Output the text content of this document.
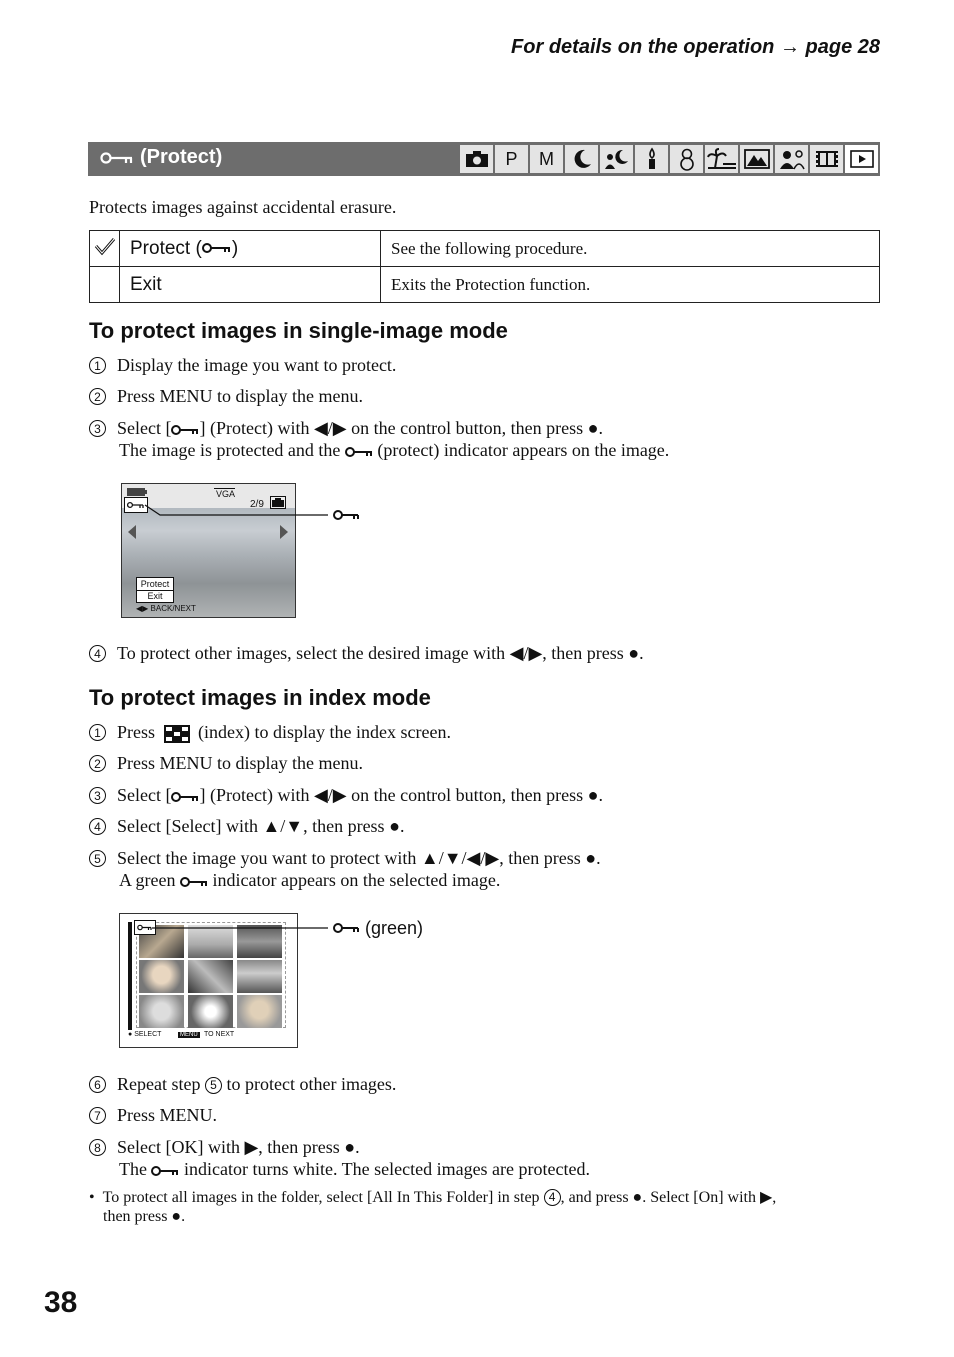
For details on the operation → page 28
(Protect)	P	M
Protects images against accidental erasure.
	Protect ( )	See the following procedure.
	Exit	Exits the Protection function.
To protect images in single-image mode
1 Display the image you want to protect.
2 Press MENU to display the menu.
3 Select [ ] (Protect) with ◀/▶ on the control button, then press ●.
The image is protected and the  (protect) indicator appears on the image.
VGA
2/9
Protect
Exit
◀▶ BACK/NEXT
4 To protect other images, select the desired image with ◀/▶, then press ●.
To protect images in index mode
1 Press  (index) to display the index screen.
2 Press MENU to display the menu.
3 Select [ ] (Protect) with ◀/▶ on the control button, then press ●.
4 Select [Select] with ▲/▼, then press ●.
5 Select the image you want to protect with ▲/▼/◀/▶, then press ●.
A green  indicator appears on the selected image.
● SELECT	MENU TO NEXT
(green)
6 Repeat step 5 to protect other images.
7 Press MENU.
8 Select [OK] with ▶, then press ●.
The  indicator turns white. The selected images are protected.
•  To protect all images in the folder, select [All In This Folder] in step 4 , and press ●. Select [On] with ▶,
then press ●.
38
